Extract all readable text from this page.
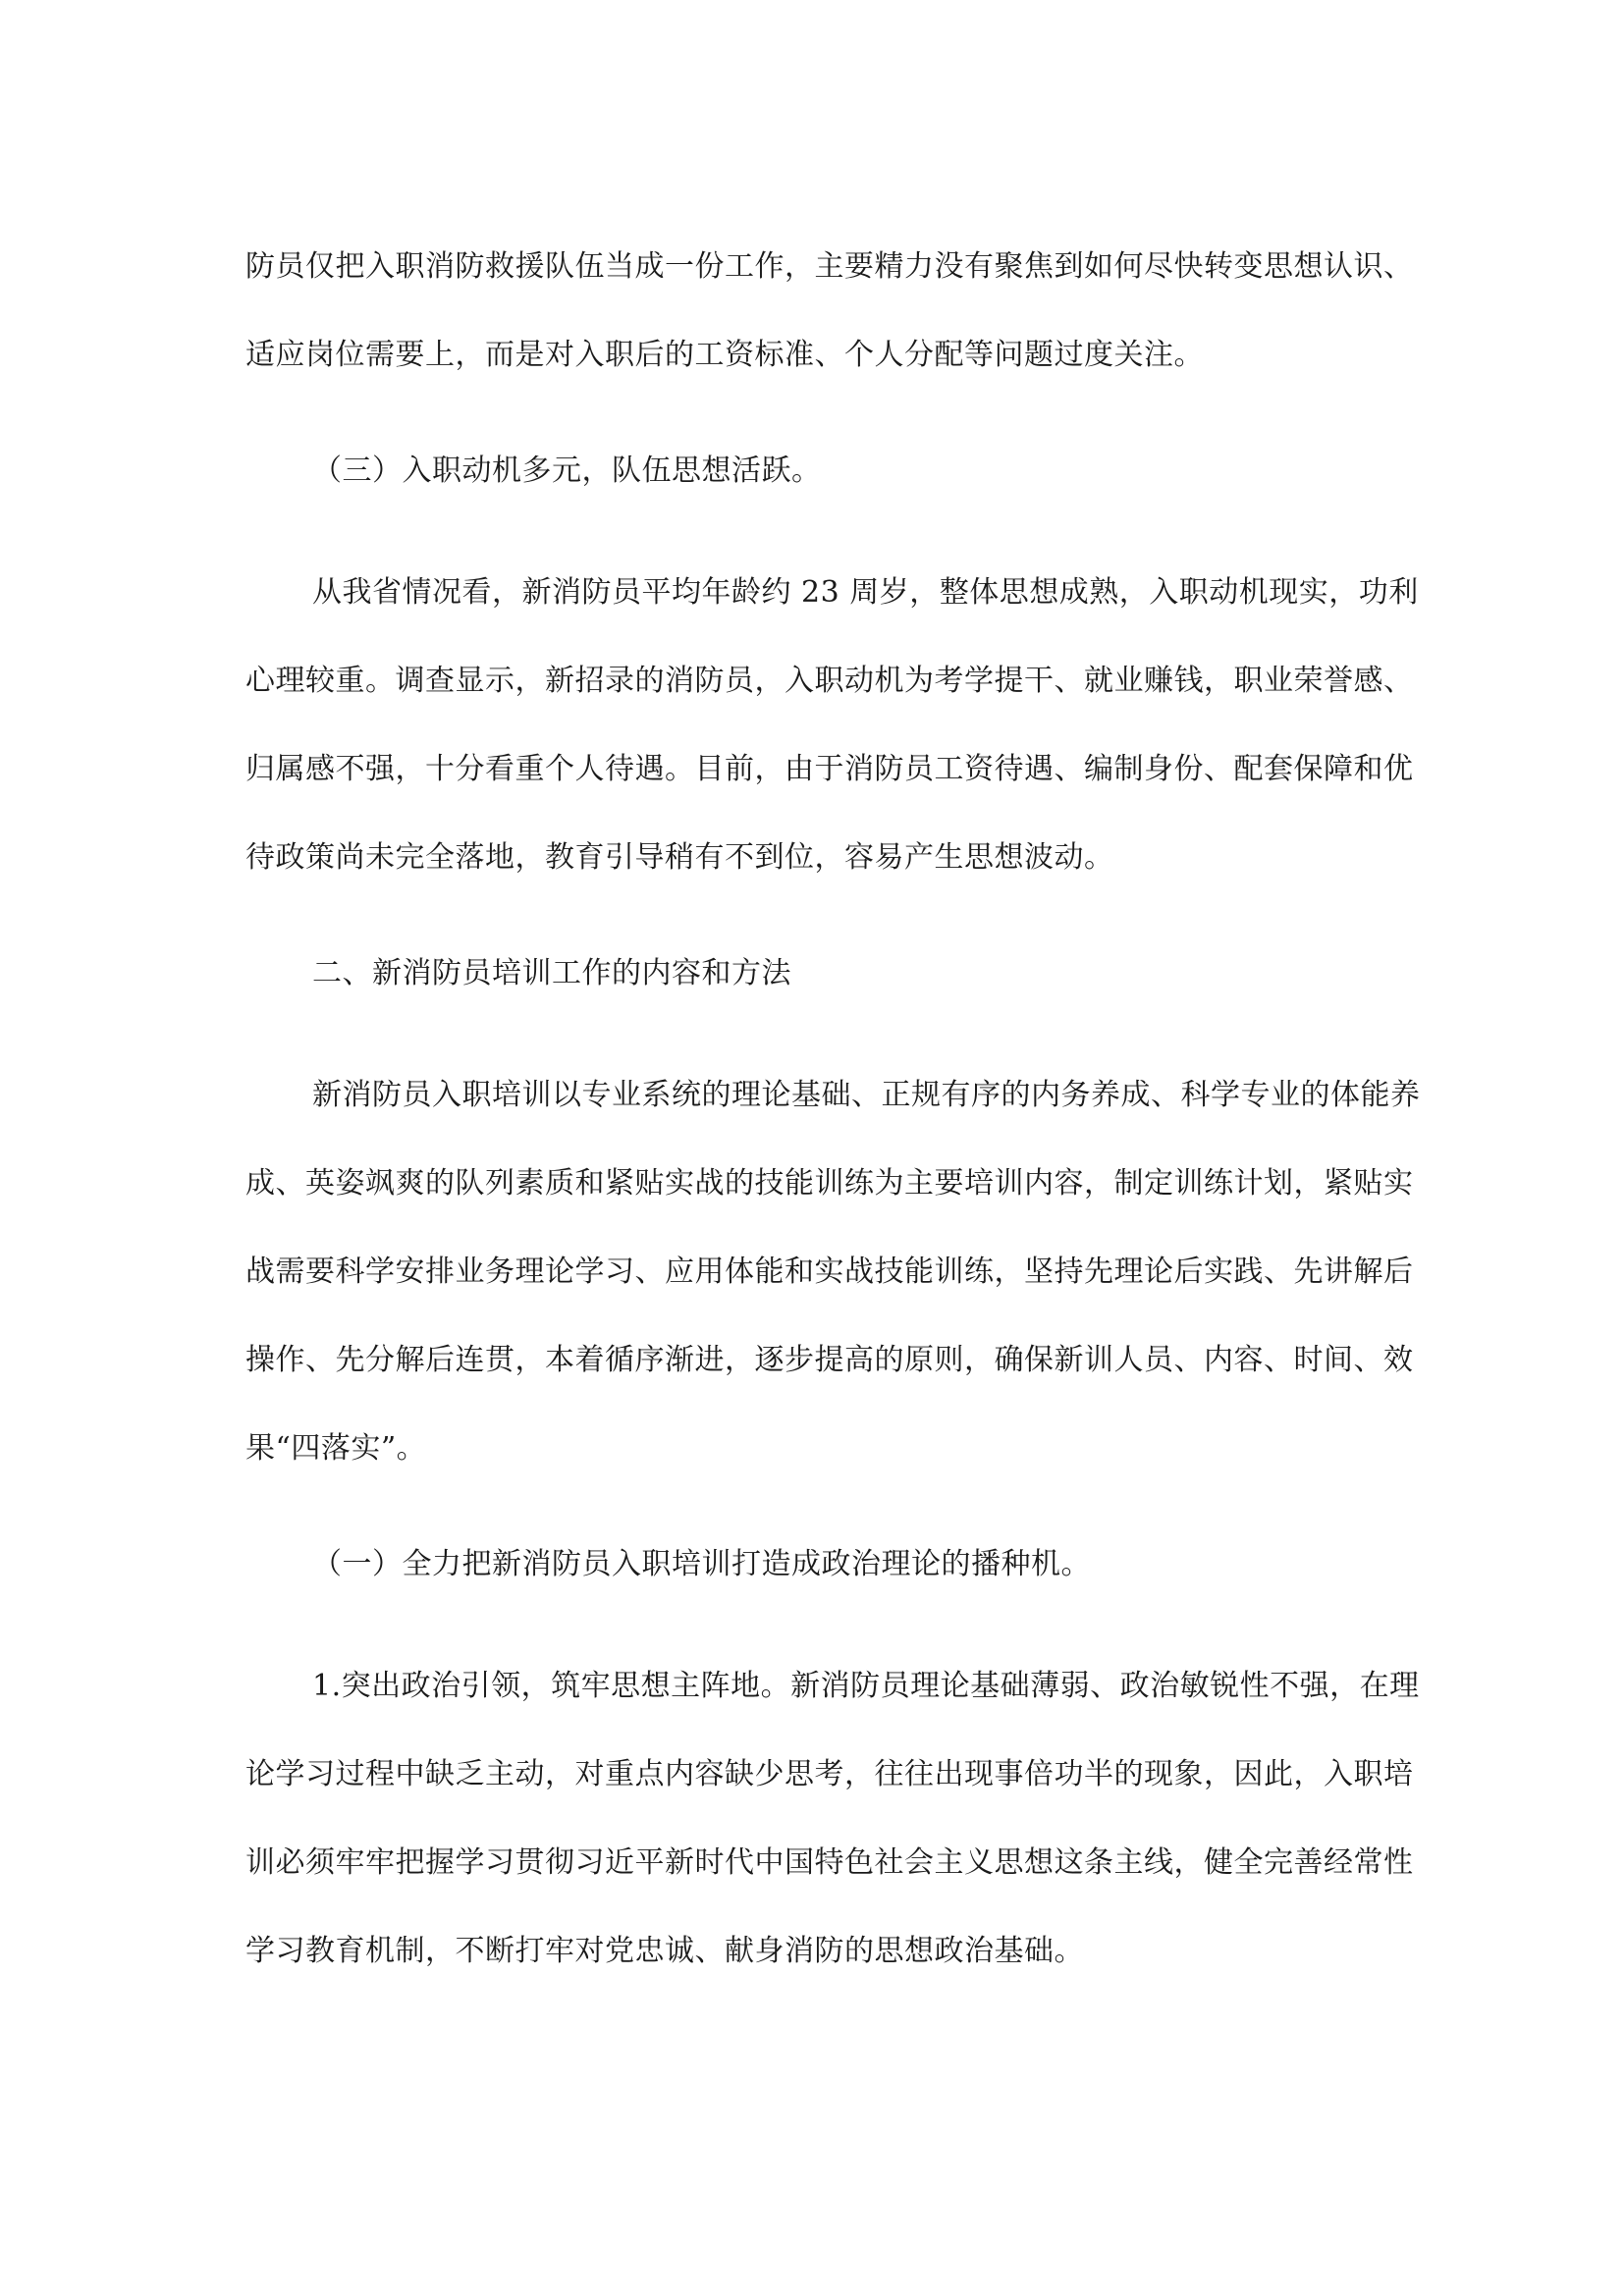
防员仅把入职消防救援队伍当成一份工作，主要精力没有聚焦到如何尽快转变思想认识、
适应岗位需要上，而是对入职后的工资标准、个人分配等问题过度关注。
（三）入职动机多元，队伍思想活跃。
从我省情况看，新消防员平均年龄约 23 周岁，整体思想成熟，入职动机现实，功利
心理较重。调查显示，新招录的消防员，入职动机为考学提干、就业赚钱，职业荣誉感、
归属感不强，十分看重个人待遇。目前，由于消防员工资待遇、编制身份、配套保障和优
待政策尚未完全落地，教育引导稍有不到位，容易产生思想波动。
二、新消防员培训工作的内容和方法
新消防员入职培训以专业系统的理论基础、正规有序的内务养成、科学专业的体能养
成、英姿飒爽的队列素质和紧贴实战的技能训练为主要培训内容，制定训练计划，紧贴实
战需要科学安排业务理论学习、应用体能和实战技能训练，坚持先理论后实践、先讲解后
操作、先分解后连贯，本着循序渐进，逐步提高的原则，确保新训人员、内容、时间、效
果“四落实”。
（一）全力把新消防员入职培训打造成政治理论的播种机。
1.突出政治引领，筑牢思想主阵地。新消防员理论基础薄弱、政治敏锐性不强，在理
论学习过程中缺乏主动，对重点内容缺少思考，往往出现事倍功半的现象，因此，入职培
训必须牢牢把握学习贯彻习近平新时代中国特色社会主义思想这条主线，健全完善经常性
学习教育机制，不断打牢对党忠诚、献身消防的思想政治基础。
